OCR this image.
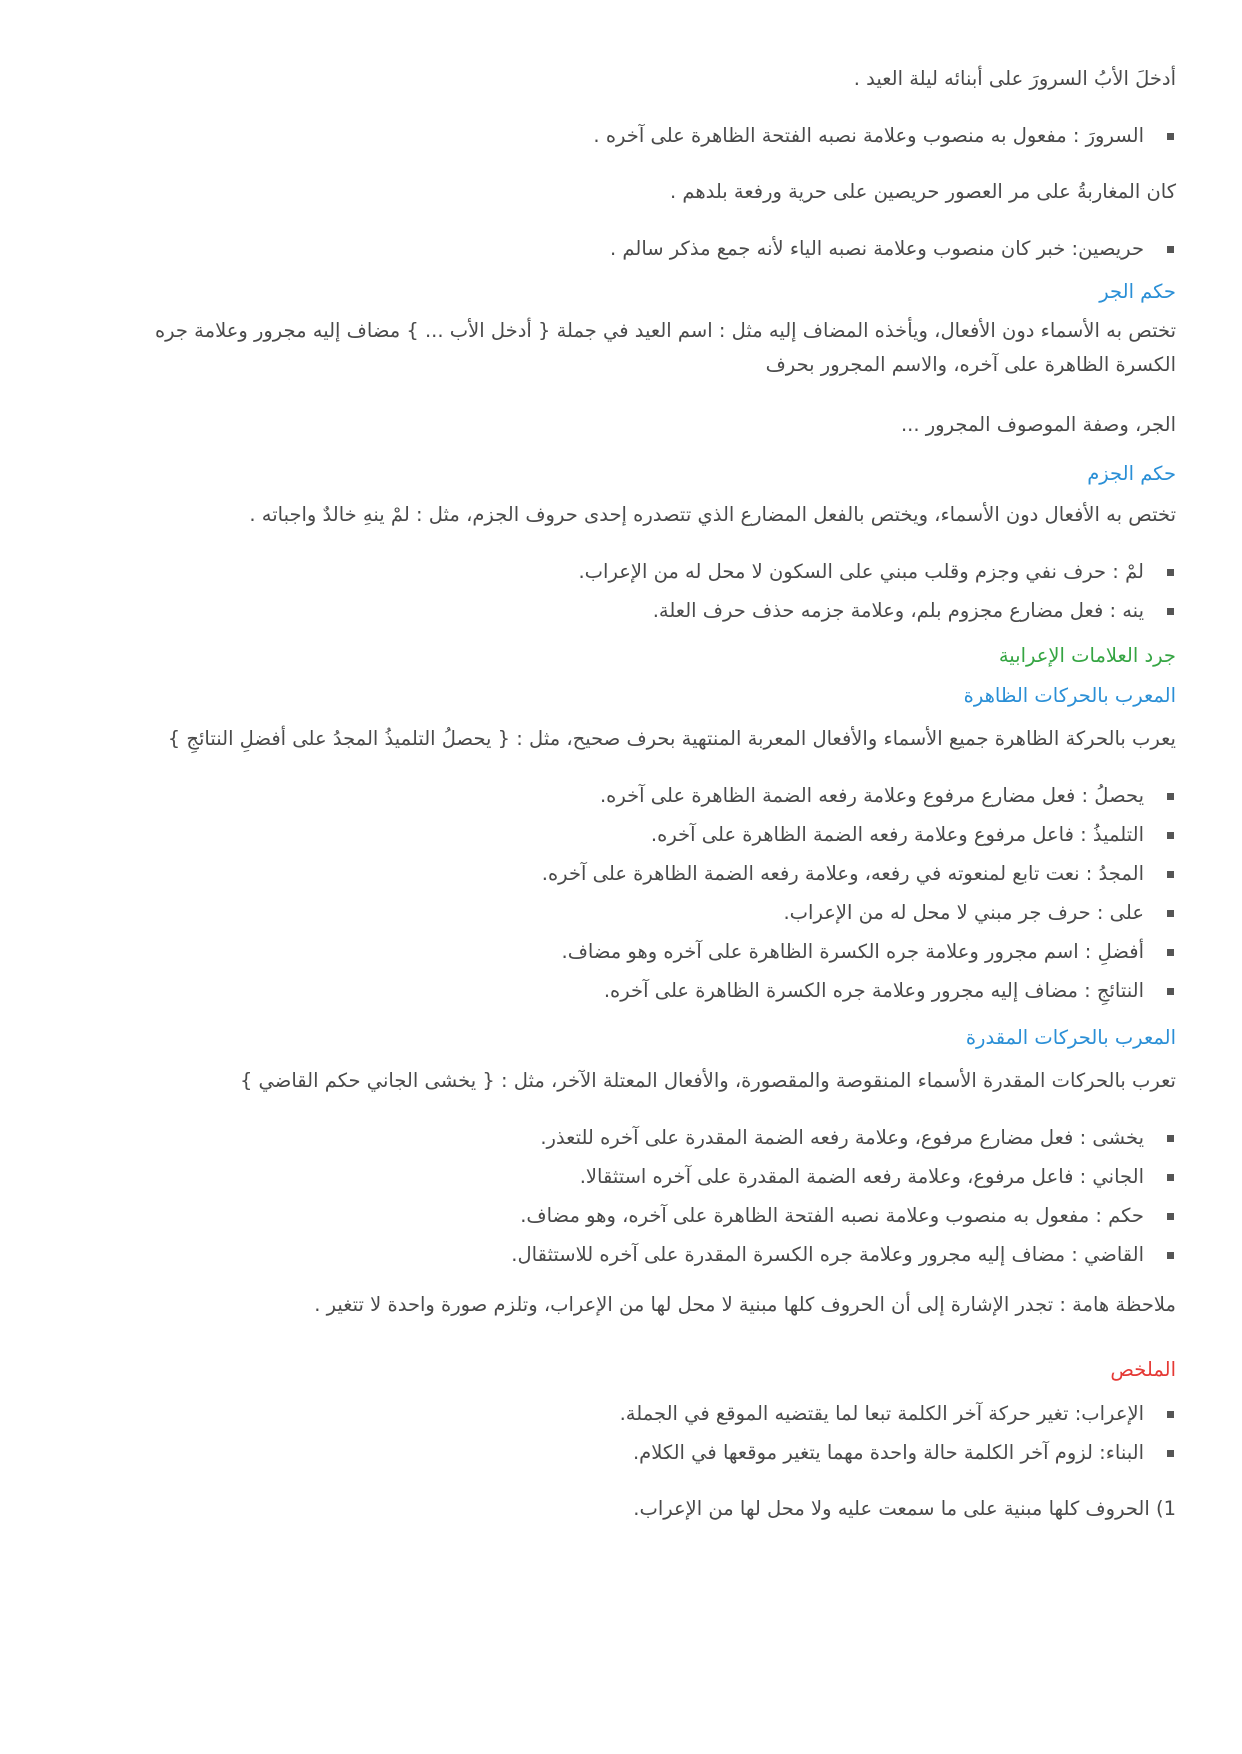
أدخلَ الأبُ السرورَ على أبنائه ليلة العيد .

السرورَ : مفعول به منصوب وعلامة نصبه الفتحة الظاهرة على آخره .

كان المغاربةُ على مر العصور حريصين على حرية ورفعة بلدهم .

حريصين: خبر كان منصوب وعلامة نصبه الياء لأنه جمع مذكر سالم .
حكم الجر

تختص به الأسماء دون الأفعال، ويأخذه المضاف إليه مثل : اسم العيد في جملة { أدخل الأب ... } مضاف إليه مجرور وعلامة جره

الكسرة الظاهرة على آخره، والاسم المجرور بحرف

الجر، وصفة الموصوف المجرور ...

حكم الجزم

تختص به الأفعال دون الأسماء، ويختص بالفعل المضارع الذي تتصدره إحدى حروف الجزم، مثل : لمْ ينهِ خالدٌ واجباته .

لمْ : حرف نفي وجزم وقلب مبني على السكون لا محل له من الإعراب.
ينه : فعل مضارع مجزوم بلم، وعلامة جزمه حذف حرف العلة.
جرد العلامات الإعرابية
المعرب بالحركات الظاهرة

يعرب بالحركة الظاهرة جميع الأسماء والأفعال المعربة المنتهية بحرف صحيح، مثل : { يحصلُ التلميذُ المجدُ على أفضلِ النتائجِ }

يحصلُ : فعل مضارع مرفوع وعلامة رفعه الضمة الظاهرة على آخره.
التلميذُ : فاعل مرفوع وعلامة رفعه الضمة الظاهرة على آخره.
المجدُ : نعت تابع لمنعوته في رفعه، وعلامة رفعه الضمة الظاهرة على آخره.
على : حرف جر مبني لا محل له من الإعراب.
أفضلِ : اسم مجرور وعلامة جره الكسرة الظاهرة على آخره وهو مضاف.
النتائجِ : مضاف إليه مجرور وعلامة جره الكسرة الظاهرة على آخره.
المعرب بالحركات المقدرة

تعرب بالحركات المقدرة الأسماء المنقوصة والمقصورة، والأفعال المعتلة الآخر، مثل : { يخشى الجاني حكم القاضي }

يخشى : فعل مضارع مرفوع، وعلامة رفعه الضمة المقدرة على آخره للتعذر.
الجاني : فاعل مرفوع، وعلامة رفعه الضمة المقدرة على آخره استثقالا.
حكم : مفعول به منصوب وعلامة نصبه الفتحة الظاهرة على آخره، وهو مضاف.
القاضي : مضاف إليه مجرور وعلامة جره الكسرة المقدرة على آخره للاستثقال.

ملاحظة هامة : تجدر الإشارة إلى أن الحروف كلها مبنية لا محل لها من الإعراب، وتلزم صورة واحدة لا تتغير .

الملخص
الإعراب: تغير حركة آخر الكلمة تبعا لما يقتضيه الموقع في الجملة.
البناء: لزوم آخر الكلمة حالة واحدة مهما يتغير موقعها في الكلام.

1) الحروف كلها مبنية على ما سمعت عليه ولا محل لها من الإعراب.
